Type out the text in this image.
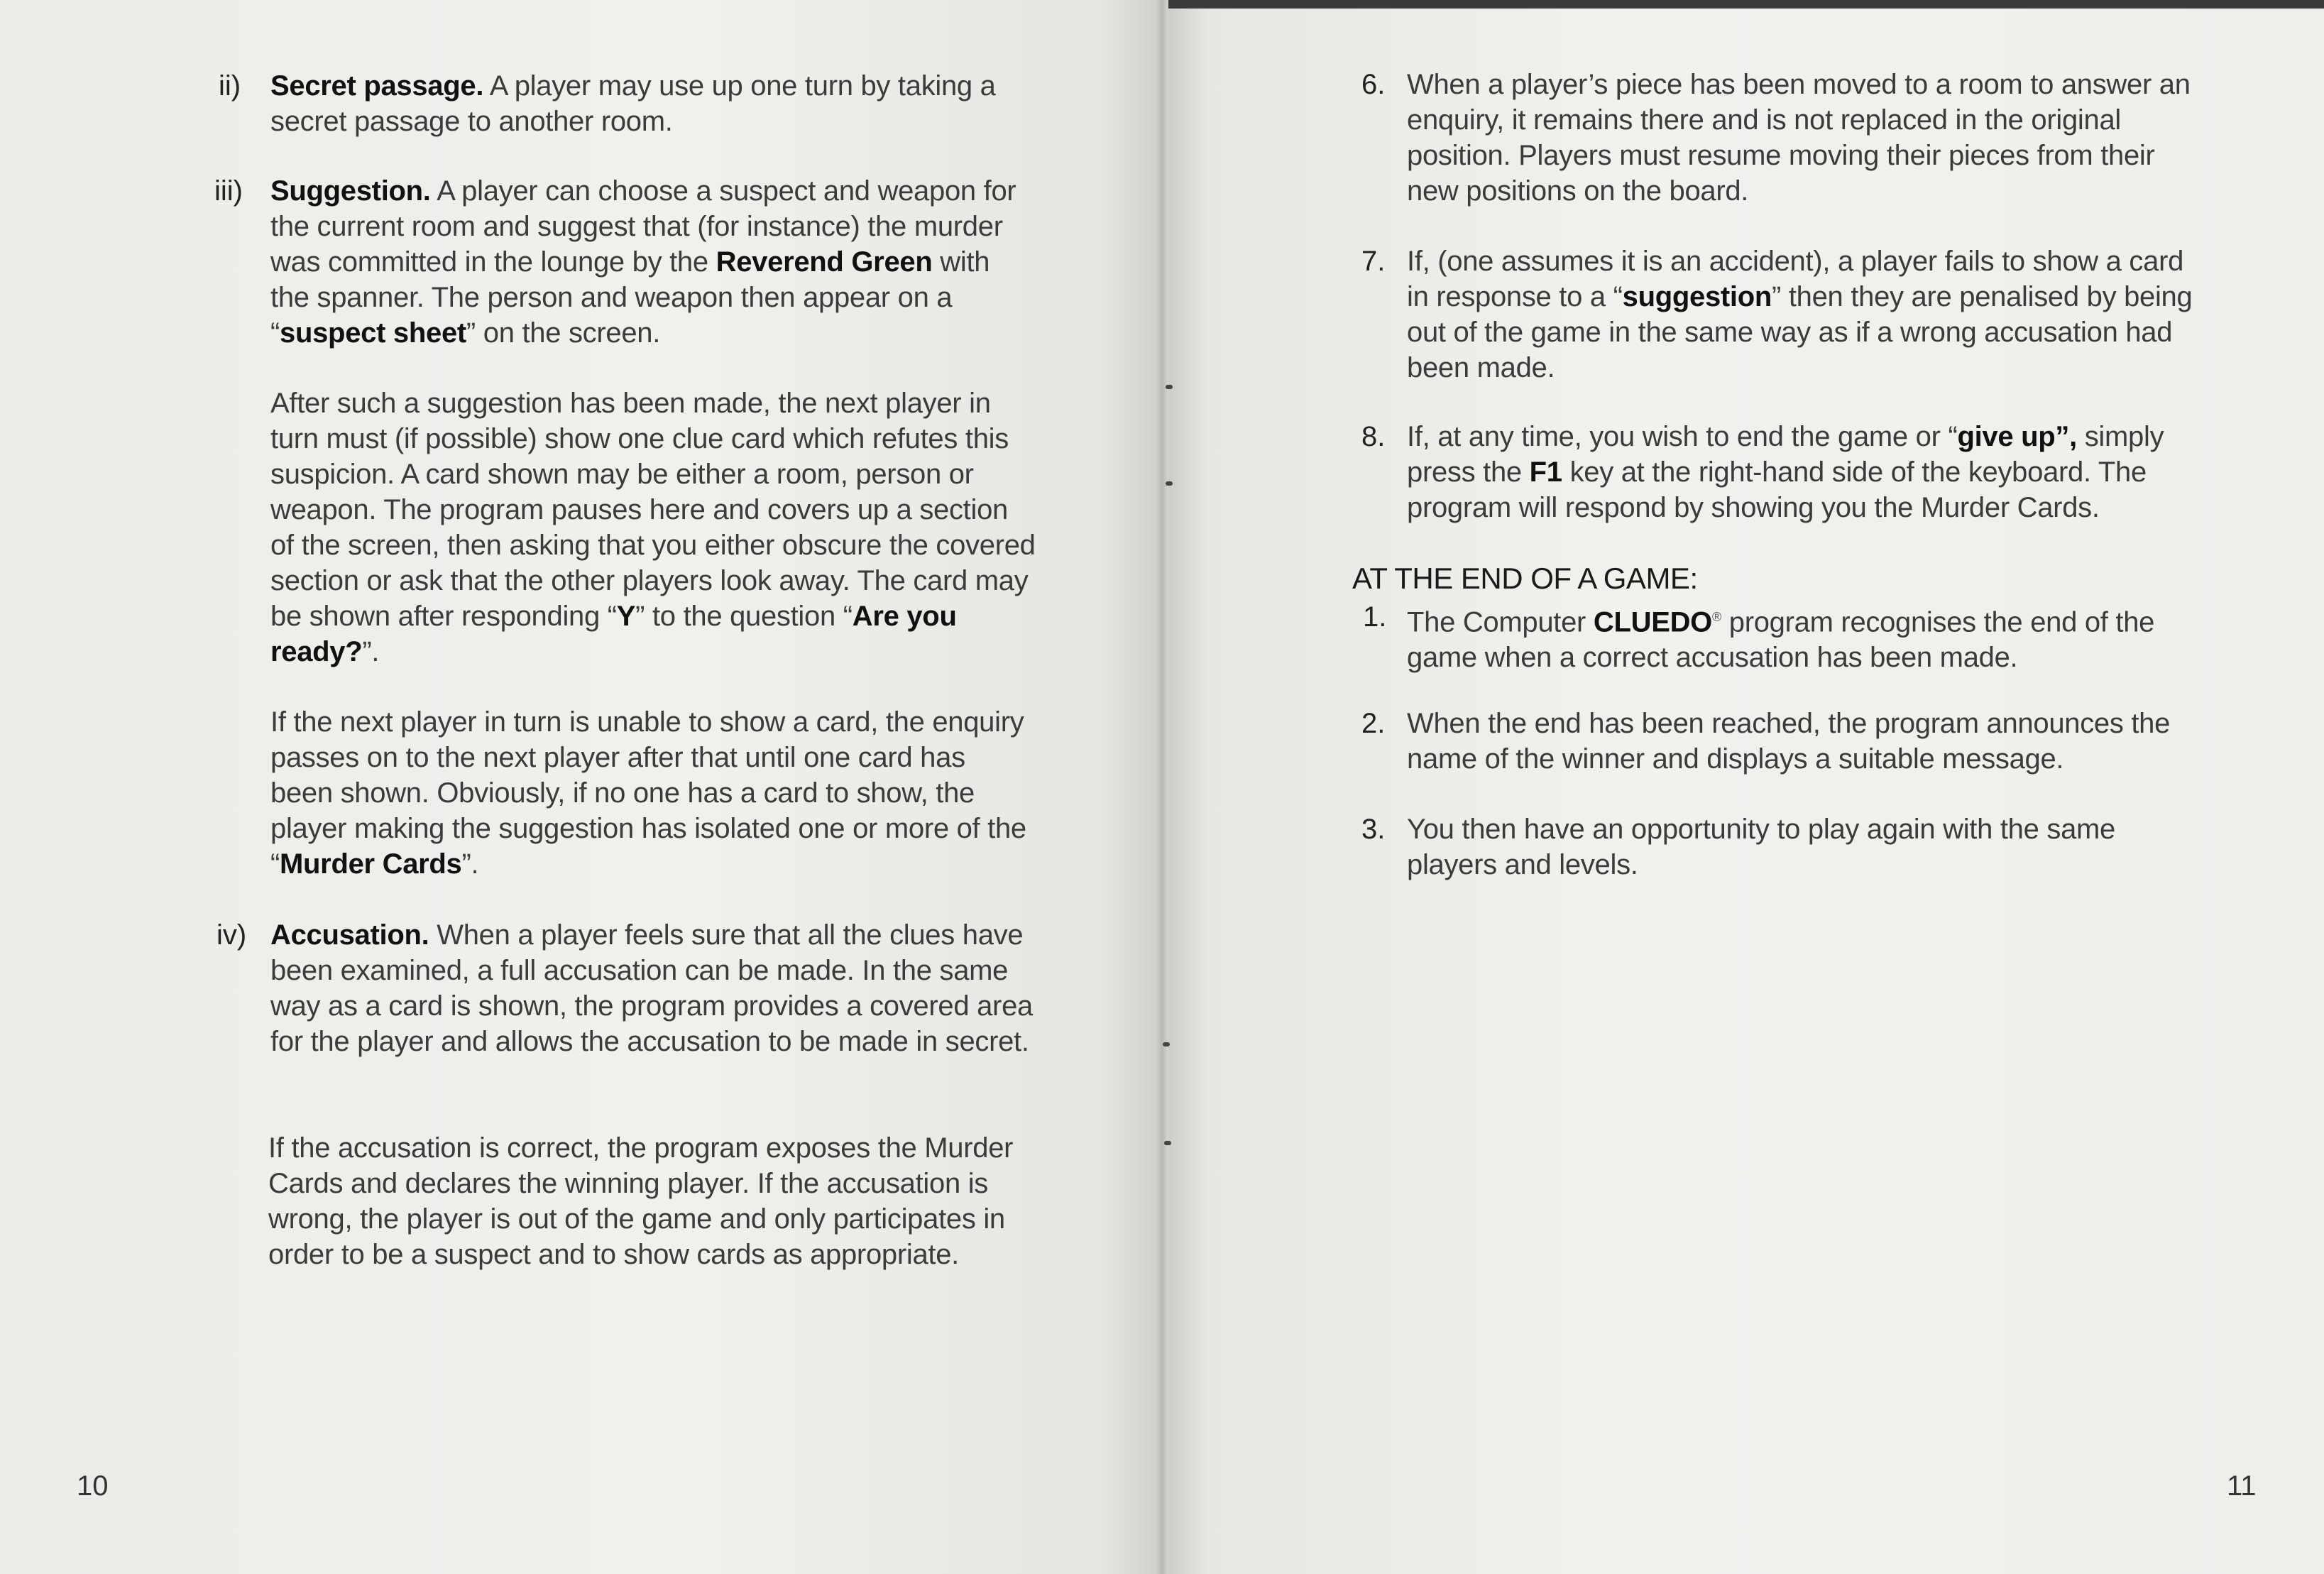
ii) Secret passage. A player may use up one turn by taking a secret passage to another room.

iii) Suggestion. A player can choose a suspect and weapon for the current room and suggest that (for instance) the murder was committed in the lounge by the Reverend Green with the spanner. The person and weapon then appear on a “suspect sheet” on the screen.

After such a suggestion has been made, the next player in turn must (if possible) show one clue card which refutes this suspicion. A card shown may be either a room, person or weapon. The program pauses here and covers up a section of the screen, then asking that you either obscure the covered section or ask that the other players look away. The card may be shown after responding “Y” to the question “Are you ready?”.

If the next player in turn is unable to show a card, the enquiry passes on to the next player after that until one card has been shown. Obviously, if no one has a card to show, the player making the suggestion has isolated one or more of the “Murder Cards”.

iv) Accusation. When a player feels sure that all the clues have been examined, a full accusation can be made. In the same way as a card is shown, the program provides a covered area for the player and allows the accusation to be made in secret.

If the accusation is correct, the program exposes the Murder Cards and declares the winning player. If the accusation is wrong, the player is out of the game and only participates in order to be a suspect and to show cards as appropriate.

10
6. When a player’s piece has been moved to a room to answer an enquiry, it remains there and is not replaced in the original position. Players must resume moving their pieces from their new positions on the board.

7. If, (one assumes it is an accident), a player fails to show a card in response to a “suggestion” then they are penalised by being out of the game in the same way as if a wrong accusation had been made.

8. If, at any time, you wish to end the game or “give up”, simply press the F1 key at the right-hand side of the keyboard. The program will respond by showing you the Murder Cards.

AT THE END OF A GAME:
1. The Computer CLUEDO® program recognises the end of the game when a correct accusation has been made.

2. When the end has been reached, the program announces the name of the winner and displays a suitable message.

3. You then have an opportunity to play again with the same players and levels.

11
